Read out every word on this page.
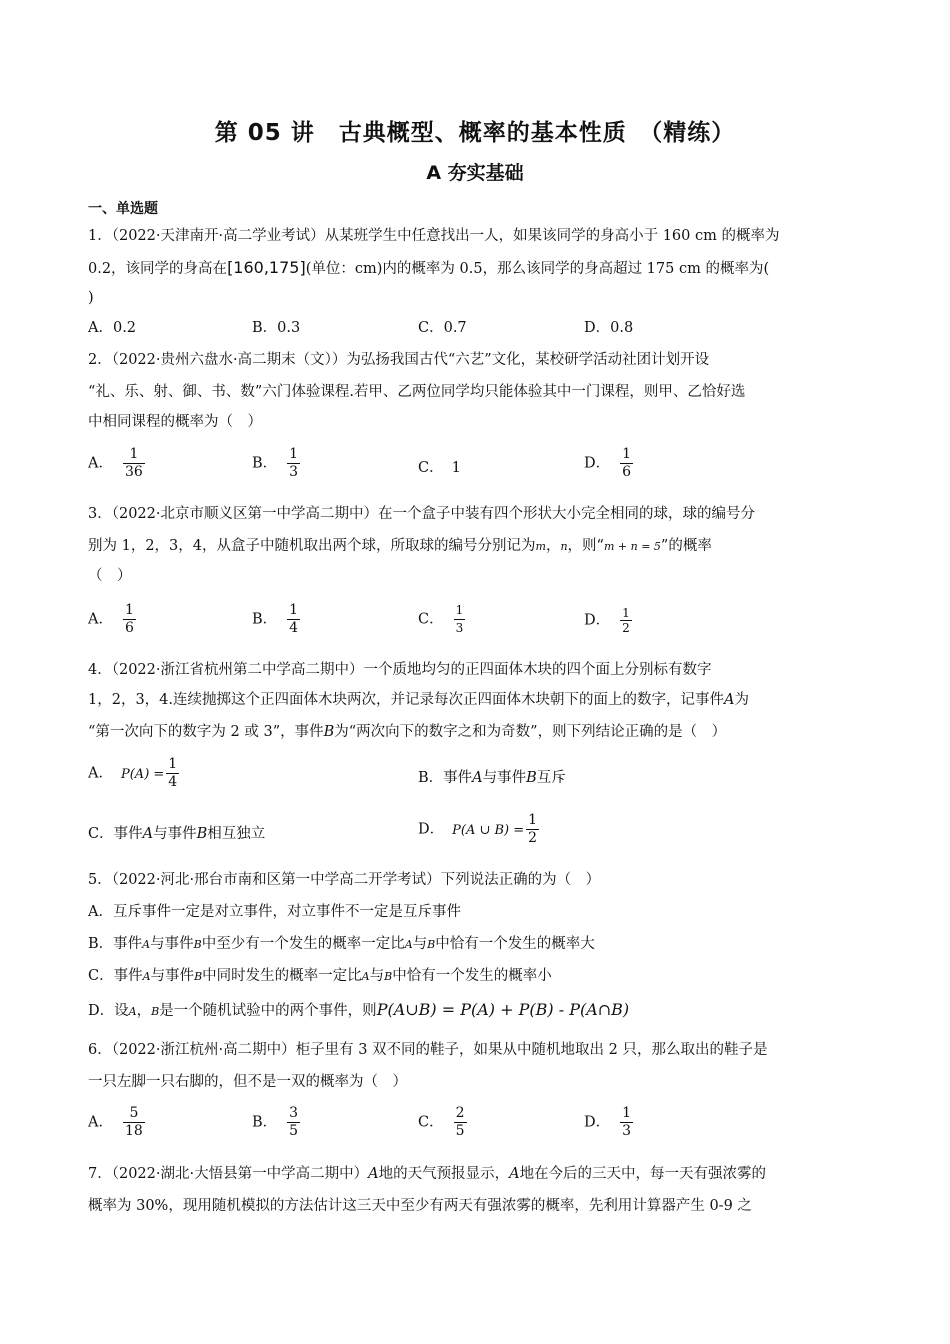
第 05 讲　古典概型、概率的基本性质　（精练）
A 夯实基础
一、单选题
1．（2022·天津南开·高二学业考试）从某班学生中任意找出一人，如果该同学的身高小于 160 cm 的概率为
0.2，该同学的身高在[160,175](单位：cm)内的概率为 0.5，那么该同学的身高超过 175 cm 的概率为(
)
A．0.2	B．0.3	C．0.7	D．0.8
2．（2022·贵州六盘水·高二期末（文））为弘扬我国古代“六艺”文化，某校研学活动社团计划开设
“礼、乐、射、御、书、数”六门体验课程.若甲、乙两位同学均只能体验其中一门课程，则甲、乙恰好选
中相同课程的概率为（　）
A． $\frac{1}{36}$	B． $\frac{1}{3}$	C． 1	D． $\frac{1}{6}$
3．（2022·北京市顺义区第一中学高二期中）在一个盒子中装有四个形状大小完全相同的球，球的编号分
别为 1，2，3，4，从盒子中随机取出两个球，所取球的编号分别记为m，n，则“m + n = 5”的概率
（　）
A． $\frac{1}{6}$	B． $\frac{1}{4}$	C． $\frac{1}{3}$	D． $\frac{1}{2}$
4．（2022·浙江省杭州第二中学高二期中）一个质地均匀的正四面体木块的四个面上分别标有数字
1，2，3，4.连续抛掷这个正四面体木块两次，并记录每次正四面体木块朝下的面上的数字，记事件A为
“第一次向下的数字为 2 或 3”，事件B为“两次向下的数字之和为奇数”，则下列结论正确的是（　）
A． $P(A) = \frac{1}{4}$	B．事件A与事件B互斥
C．事件A与事件B相互独立	D． P(A ∪ $B) = \frac{1}{2}$
5．（2022·河北·邢台市南和区第一中学高二开学考试）下列说法正确的为（　）
A．互斥事件一定是对立事件，对立事件不一定是互斥事件
B．事件A与事件B中至少有一个发生的概率一定比A与B中恰有一个发生的概率大
C．事件A与事件B中同时发生的概率一定比A与B中恰有一个发生的概率小
D．设A，B是一个随机试验中的两个事件，则P(A∪B) = P(A) + P(B) - P(A∩B)
6．（2022·浙江杭州·高二期中）柜子里有 3 双不同的鞋子，如果从中随机地取出 2 只，那么取出的鞋子是
一只左脚一只右脚的，但不是一双的概率为（　）
A． $\frac{5}{18}$	B． $\frac{3}{5}$	C． $\frac{2}{5}$	D． $\frac{1}{3}$
7．（2022·湖北·大悟县第一中学高二期中）A地的天气预报显示，A地在今后的三天中，每一天有强浓雾的
概率为 30%，现用随机模拟的方法估计这三天中至少有两天有强浓雾的概率，先利用计算器产生 0-9 之
